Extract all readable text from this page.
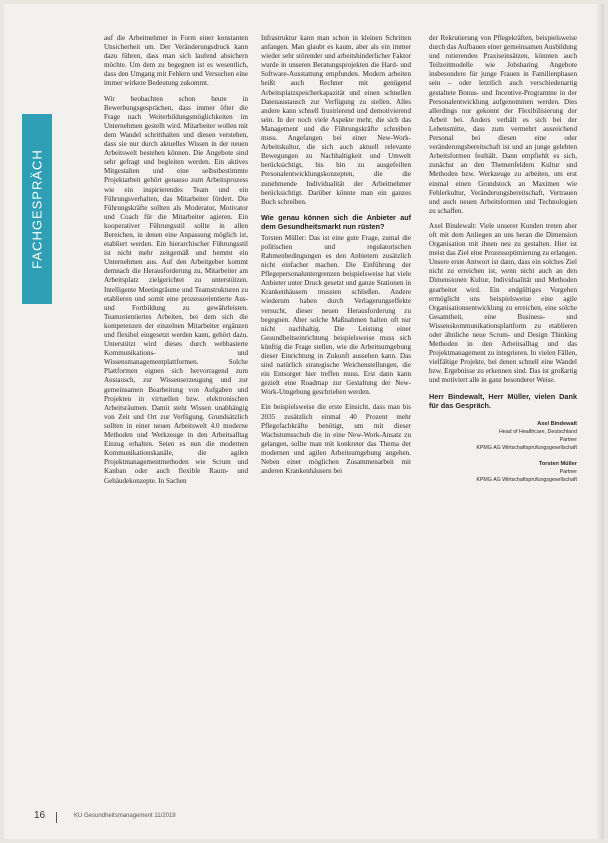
FACHGESPRÄCH

auf die Arbeitnehmer in Form einer konstanten Unsicherheit um. Der Veränderungsdruck kann dazu führen, dass man sich laufend absichern möchte. Um dem zu begegnen ist es wesentlich, dass den Umgang mit Fehlern und Versuchen eine immer wirkere Bedeutung zukommt.

Wir beobachten schon heute in Bewerbungsgesprächen, dass immer öfter die Frage nach Weiterbildungsmöglichkeiten im Unternehmen gestellt wird. Mitarbeiter wollen mit dem Wandel schritthalten und diesen verstehen, dass sie nur durch aktuelles Wissen in der neuen Arbeitswelt bestehen können. Die Angebote sind sehr gefragt und begleiten werden. Ein aktives Mitgestalten und eine selbstbestimmte Projektarbeit gehört genauso zum Arbeitsprozess wie ein inspirierendes Team und ein Führungsverhalten, das Mitarbeiter fördert. Die Führungskräfte sollten als Moderator, Motivator und Coach für die Mitarbeiter agieren. Ein kooperativer Führungsstil sollte in allen Bereichen, in denen eine Anpassung möglich ist, etabliert werden. Ein hierarchischer Führungsstil ist nicht mehr zeitgemäß und hemmt ein Unternehmen aus. Auf den Arbeitgeber kommt demnach die Herausforderung zu, Mitarbeiter am Arbeitsplatz zielgerichtet zu unterstützen. Intelligente Meetingräume und Teamstrukturen zu etablieren und somit eine prozessorientierte Aus- und Fortbildung zu gewährleisten. Teamorientiertes Arbeiten, bei dem sich die kompetenzen der einzelnen Mitarbeiter ergänzen und flexibel eingesetzt werden kann, gehört dazu. Unterstützt wird dieses durch webbasierte Kommunikations- und Wissensmanagementplattformen. Solche Plattformen eignen sich hervorragend zum Austausch, zur Wissenserzeugung und zur gemeinsamen Bearbeitung von Aufgaben und Projekten in virtuellen bzw. elektronischen Arbeitsräumen. Damit steht Wissen unabhängig von Zeit und Ort zur Verfügung. Grundsätzlich sollten in einer neuen Arbeitswelt 4.0 moderne Methoden und Werkzeuge in den Arbeitsalltag Einzug erhalten. Seien es nun die modernen Kommunikationskanäle, die agilen Projektmanagementmethoden wie Scrum und Kanban oder auch flexible Raum- und Gebäudekonzepte. In Sachen

Infrastruktur kann man schon in kleinen Schritten anfangen. Man glaubt es kaum, aber als ein immer wieder sehr störender und arbeitshinderlicher Faktor wurde in unseren Beratungsprojekten die Hard- und Software-Ausstattung empfunden. Modern arbeiten heißt auch Rechner mit genügend Arbeitsplatzspeicherkapazität und einen schnellen Datenaustausch zur Verfügung zu stellen. Alles andere kann schnell frustrierend und demotivierend sein. In der noch viele Aspekte mehr, die sich das Management und die Führungskräfte schreiben muss. Angefangen bei einer New-Work-Arbeitskultur, die sich auch aktuell relevante Bewegungen zu Nachhaltigkeit und Umwelt berücksichtigt, bis hin zu ausgefeilten Personalentwicklungskonzepten, die die zunehmende Individualität der Arbeitnehmer berücksichtigt. Darüber könnte man ein ganzes Buch schreiben.

Wie genau können sich die Anbieter auf dem Gesundheitsmarkt nun rüsten?

Torsten Müller: Das ist eine gute Frage, zumal die politischen und regulatorischen Rahmenbedingungen es den Anbietern zusätzlich nicht einfacher machen. Die Einführung der Pflegepersonaluntergrenzen beispielsweise hat viele Anbieter unter Druck gesetzt und ganze Stationen in Krankenhäusern mussten schließen. Andere wiederum haben durch Verlagerungseffekte versucht, dieser neuen Herausforderung zu begegnen. Aber solche Maßnahmen halten oft nur nicht nachhaltig. Die Leistung einer Gesundheitseinrichtung beispielsweise muss sich künftig die Frage stellen, wie die Arbeitsumgebung dieser Einrichtung in Zukunft aussehen kann. Das sind natürlich strategische Weichenstellungen, die ein Entsorger hier treffen muss. Erst dann kann gezielt eine Roadmap zur Gestaltung der New-Work-Umgebung geschrieben werden.

Ein beispielsweise die erste Einsicht, dass man bis 2035 zusätzlich einmal 40 Prozent mehr Pflegefachkräfte benötigt, um mit dieser Wachstumsschub die in eine New-Work-Ansatz zu gelangen, sollte man mit konkreter das Thema der modernen und agilen Arbeitsumgebung angehen. Neben einer möglichen Zusammenarbeit mit anderen Krankenhäusern bei

der Rekrutierung von Pflegekräften, beispielsweise durch das Aufbauen einer gemeinsamen Ausbildung und rotierenden Praxiseinsätzen, könnten auch Teilzeitmodelle wie Jobsharing Angebote insbesondere für junge Frauen in Familienphasen sein – oder letztlich auch verschiedenartig gestaltete Bonus- und Incentive-Programme in der Personalentwicklung aufgenommen werden. Dies allerdings nur gekonnt der Flexibilisierung der Arbeit bei. Anders verhält es sich bei der Lebensmitte, dass zum vermehrt ausreichend Personal bei diesen eine oder veränderungsbereitschaft ist und an junge gelebten Arbeitsformen festhält. Dann empfiehlt es sich, zunächst an den Themenfeldern Kultur und Methoden bzw. Werkzeuge zu arbeiten, um erst einmal einen Grundstock an Maximen wie Fehlerkultur, Veränderungsbereitschaft, Vertrauen und auch neuen Arbeitsformen und Technologien zu schaffen.

Axel Bindewalt: Viele unserer Kunden treten aber oft mit dem Anliegen an uns heran die Dimension Organisation mit ihnen neu zu gestalten. Hier ist meist das Ziel eine Prozessoptimierung zu erlangen. Unsere erste Antwort ist dann, dass ein solches Ziel nicht zu erreichen ist, wenn nicht auch an den Dimensionen Kultur, Individualität und Methoden gearbeitet wird. Ein endgültiges Vorgehen ermöglicht uns beispielsweise eine agile Organisationsentwicklung zu erreichen, eine solche Gesamtheit, eine Business- und Wissenskommunikationsplattform zu etablieren oder ähnliche neue Scrum- und Design Thinking Methoden in den Arbeitsalltag und das Projektmanagement zu integrieren. In vielen Fällen, vielfältige Projekte, bei denen schnell eine Wandel bzw. Ergebnisse zu erkennen sind. Das ist großartig und motiviert alle in ganz besonderer Weise.

Herr Bindewalt, Herr Müller, vielen Dank für das Gespräch.

Axel Bindewalt
Head of Healthcare, Deutschland
Partner
KPMG AG Wirtschaftsprüfungsgesellschaft
Torsten Müller
Partner
KPMG AG Wirtschaftsprüfungsgesellschaft
16	KU Gesundheitsmanagement 11/2019
